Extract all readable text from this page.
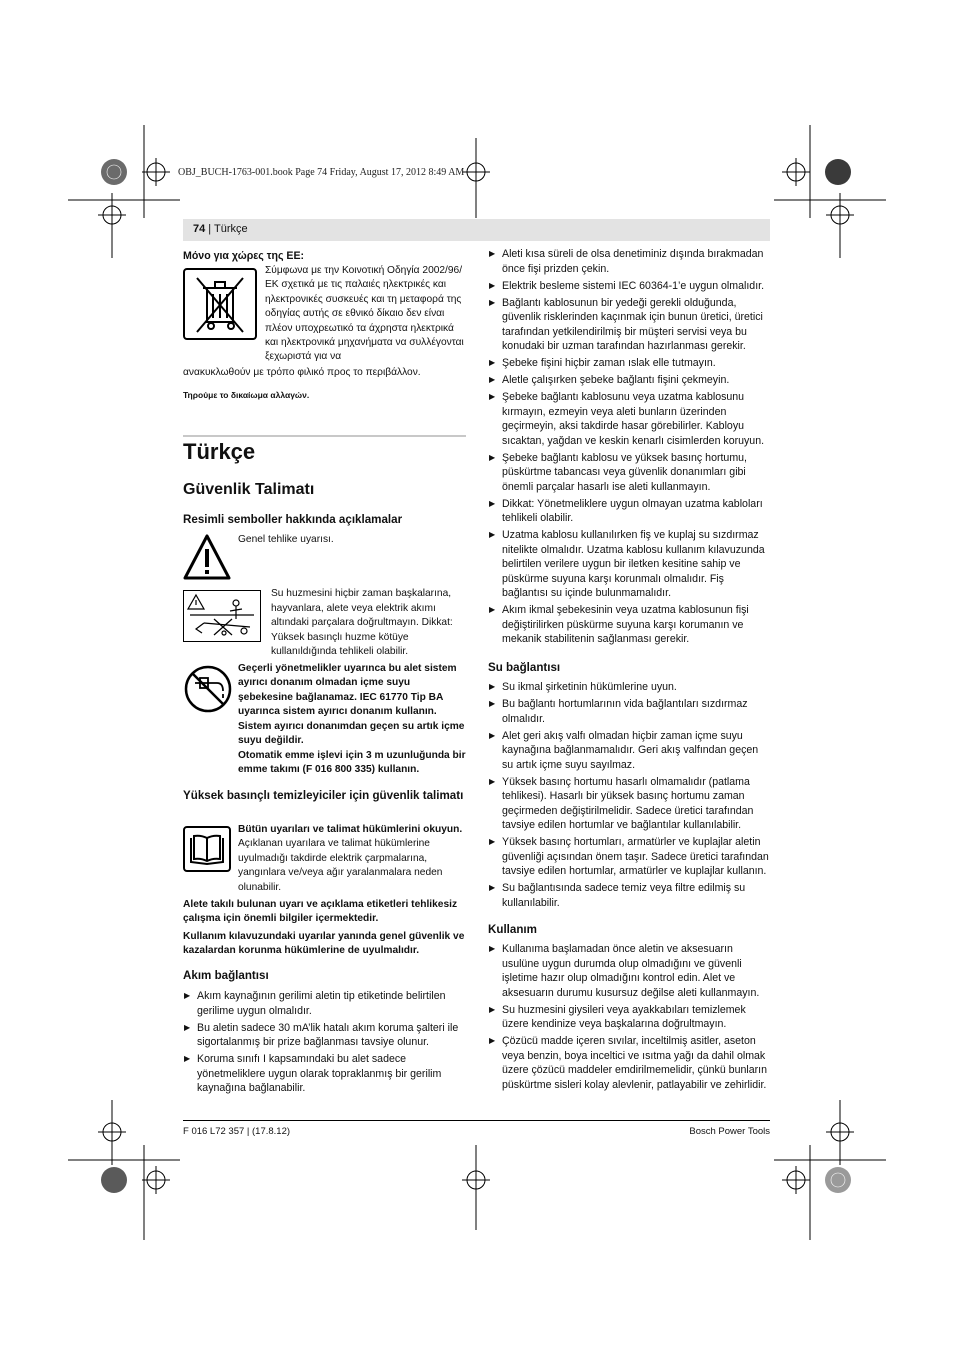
OBJ_BUCH-1763-001.book Page 74 Friday, August 17, 2012 8:49 AM
74 | Türkçe
Μόνο για χώρες της ΕΕ:
Σύμφωνα με την Κοινοτική Οδηγία 2002/96/ΕΚ σχετικά με τις παλαιές ηλεκτρικές και ηλεκτρονικές συσκευές και τη μεταφορά της οδηγίας αυτής σε εθνικό δίκαιο δεν είναι πλέον υποχρεωτικό τα άχρηστα ηλεκτρικά και ηλεκτρονικά μηχανήματα να συλλέγονται ξεχωριστά για να
ανακυκλωθούν με τρόπο φιλικό προς το περιβάλλον.
Τηρούμε το δικαίωμα αλλαγών.
Türkçe
Güvenlik Talimatı
Resimli semboller hakkında açıklamalar
Genel tehlike uyarısı.
Su huzmesini hiçbir zaman başkalarına, hayvanlara, alete veya elektrik akımı altındaki parçalara doğrultmayın. Dikkat: Yüksek basınçlı huzme kötüye kullanıldığında tehlikeli olabilir.
Geçerli yönetmelikler uyarınca bu alet sistem ayırıcı donanım olmadan içme suyu şebekesine bağlanamaz. IEC 61770 Tip BA uyarınca sistem ayırıcı donanım kullanın. Sistem ayırıcı donanımdan geçen su artık içme suyu değildir.
Otomatik emme işlevi için 3 m uzunluğunda bir emme takımı (F 016 800 335) kullanın.
Yüksek basınçlı temizleyiciler için güvenlik talimatı
Bütün uyarıları ve talimat hükümlerini okuyun. Açıklanan uyarılara ve talimat hükümlerine uyulmadığı takdirde elektrik çarpmalarına, yangınlara ve/veya ağır yaralanmalara neden olunabilir.
Alete takılı bulunan uyarı ve açıklama etiketleri tehlikesiz çalışma için önemli bilgiler içermektedir.
Kullanım kılavuzundaki uyarılar yanında genel güvenlik ve kazalardan korunma hükümlerine de uyulmalıdır.
Akım bağlantısı
▶ Akım kaynağının gerilimi aletin tip etiketinde belirtilen gerilime uygun olmalıdır.
▶ Bu aletin sadece 30 mA’lik hatalı akım koruma şalteri ile sigortalanmış bir prize bağlanması tavsiye olunur.
▶ Koruma sınıfı I kapsamındaki bu alet sadece yönetmeliklere uygun olarak topraklanmış bir gerilim kaynağına bağlanabilir.
▶ Aleti kısa süreli de olsa denetiminiz dışında bırakmadan önce fişi prizden çekin.
▶ Elektrik besleme sistemi IEC 60364-1’e uygun olmalıdır.
▶ Bağlantı kablosunun bir yedeği gerekli olduğunda, güvenlik risklerinden kaçınmak için bunun üretici, üretici tarafından yetkilendirilmiş bir müşteri servisi veya bu konudaki bir uzman tarafından hazırlanması gerekir.
▶ Şebeke fişini hiçbir zaman ıslak elle tutmayın.
▶ Aletle çalışırken şebeke bağlantı fişini çekmeyin.
▶ Şebeke bağlantı kablosunu veya uzatma kablosunu kırmayın, ezmeyin veya aleti bunların üzerinden geçirmeyin, aksi takdirde hasar görebilirler. Kabloyu sıcaktan, yağdan ve keskin kenarlı cisimlerden koruyun.
▶ Şebeke bağlantı kablosu ve yüksek basınç hortumu, püskürtme tabancası veya güvenlik donanımları gibi önemli parçalar hasarlı ise aleti kullanmayın.
▶ Dikkat: Yönetmeliklere uygun olmayan uzatma kabloları tehlikeli olabilir.
▶ Uzatma kablosu kullanılırken fiş ve kuplaj su sızdırmaz nitelikte olmalıdır. Uzatma kablosu kullanım kılavuzunda belirtilen verilere uygun bir iletken kesitine sahip ve püskürme suyuna karşı korunmalı olmalıdır. Fiş bağlantısı su içinde bulunmamalıdır.
▶ Akım ikmal şebekesinin veya uzatma kablosunun fişi değiştirilirken püskürme suyuna karşı korumanın ve mekanik stabilitenin sağlanması gerekir.
Su bağlantısı
▶ Su ikmal şirketinin hükümlerine uyun.
▶ Bu bağlantı hortumlarının vida bağlantıları sızdırmaz olmalıdır.
▶ Alet geri akış valfı olmadan hiçbir zaman içme suyu kaynağına bağlanmamalıdır. Geri akış valfından geçen su artık içme suyu sayılmaz.
▶ Yüksek basınç hortumu hasarlı olmamalıdır (patlama tehlikesi). Hasarlı bir yüksek basınç hortumu zaman geçirmeden değiştirilmelidir. Sadece üretici tarafından tavsiye edilen hortumlar ve bağlantılar kullanılabilir.
▶ Yüksek basınç hortumları, armatürler ve kuplajlar aletin güvenliği açısından önem taşır. Sadece üretici tarafından tavsiye edilen hortumlar, armatürler ve kuplajlar kullanın.
▶ Su bağlantısında sadece temiz veya filtre edilmiş su kullanılabilir.
Kullanım
▶ Kullanıma başlamadan önce aletin ve aksesuarın usulüne uygun durumda olup olmadığını ve güvenli işletime hazır olup olmadığını kontrol edin. Alet ve aksesuarın durumu kusursuz değilse aleti kullanmayın.
▶ Su huzmesini giysileri veya ayakkabıları temizlemek üzere kendinize veya başkalarına doğrultmayın.
▶ Çözücü madde içeren sıvılar, inceltilmiş asitler, aseton veya benzin, boya inceltici ve ısıtma yağı da dahil olmak üzere çözücü maddeler emdirilmemelidir, çünkü bunların püskürtme sisleri kolay alevlenir, patlayabilir ve zehirlidir.
F 016 L72 357 | (17.8.12)	Bosch Power Tools
